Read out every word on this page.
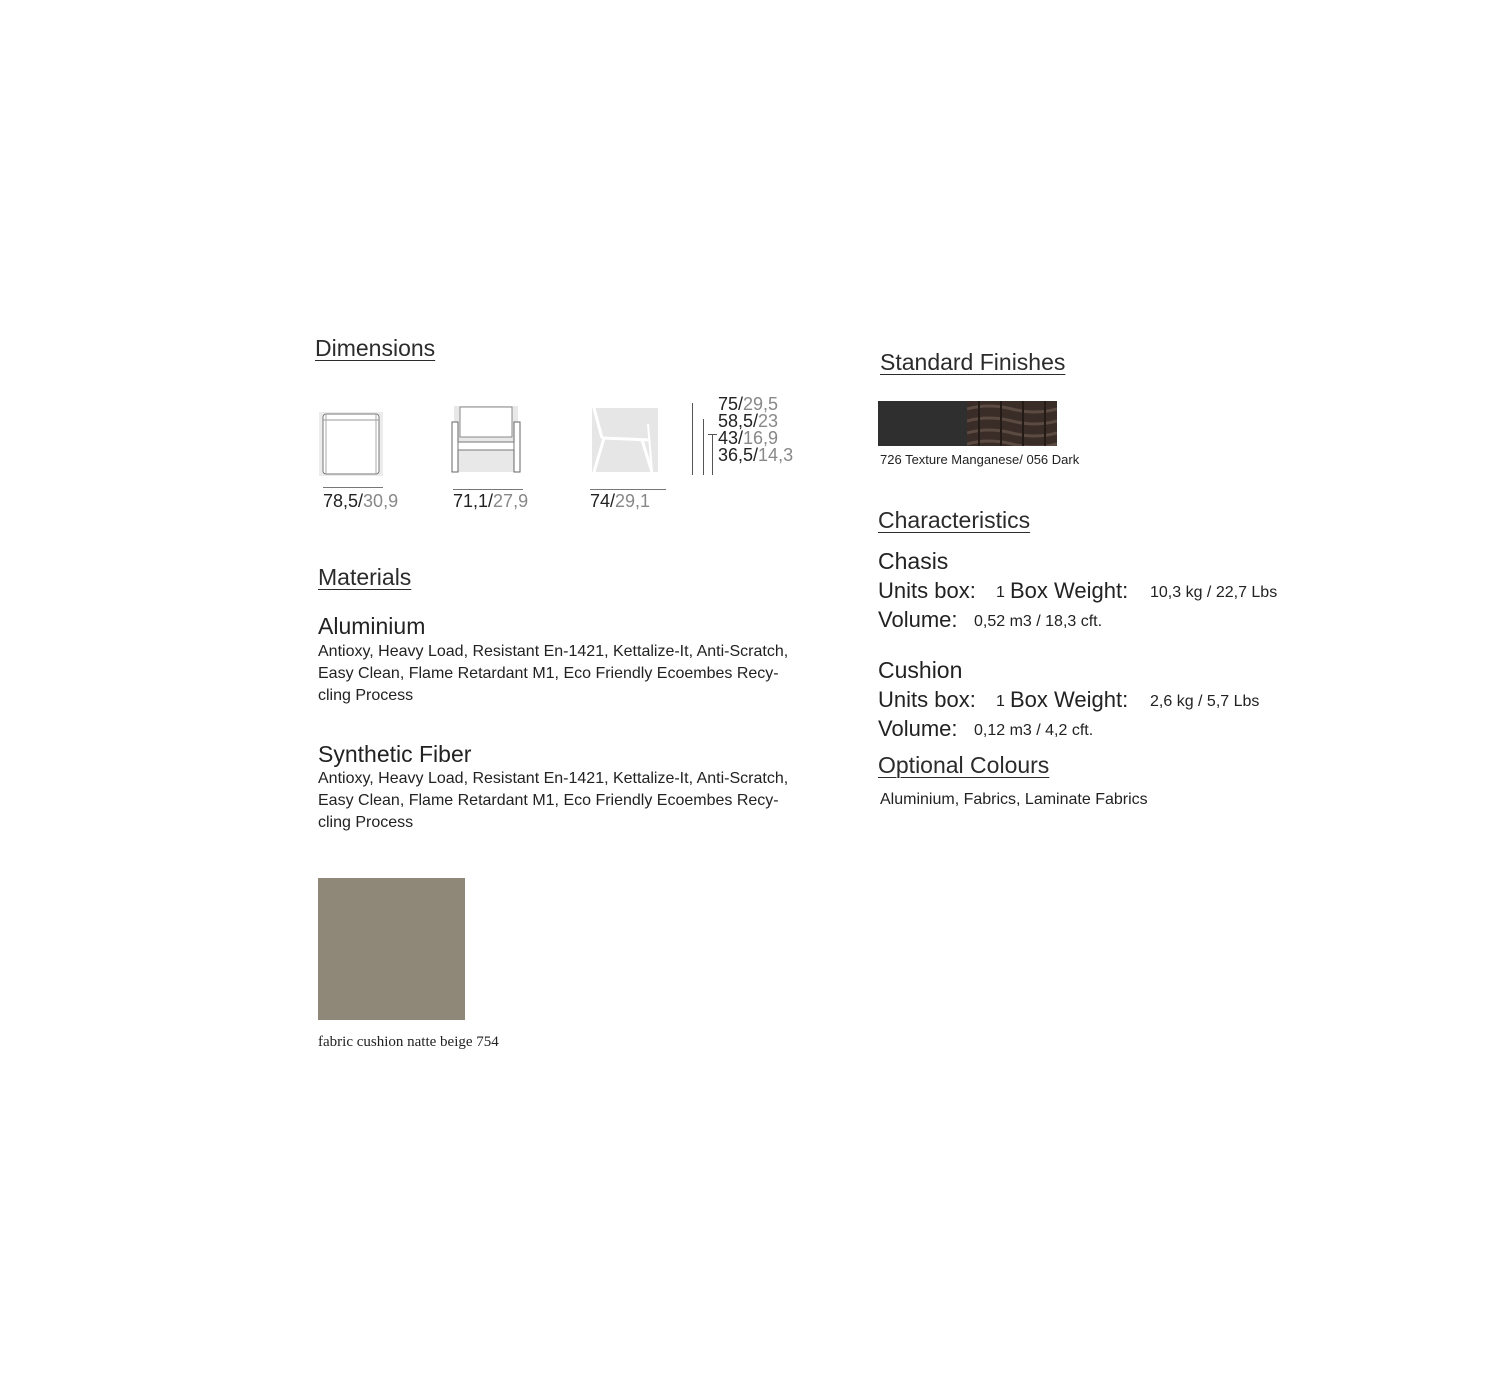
Dimensions
78,5/30,9	71,1/27,9	74/29,1
75/29,5
58,5/23
43/16,9
36,5/14,3
Materials
Aluminium
Antioxy, Heavy Load, Resistant En-1421, Kettalize-It, Anti-Scratch, Easy Clean, Flame Retardant M1, Eco Friendly Ecoembes Recy-cling Process
Synthetic Fiber
Antioxy, Heavy Load, Resistant En-1421, Kettalize-It, Anti-Scratch, Easy Clean, Flame Retardant M1, Eco Friendly Ecoembes Recy-cling Process
fabric cushion natte beige 754
Standard Finishes
726 Texture Manganese/ 056 Dark
Characteristics
Chasis
Units box: 1 Box Weight: 10,3 kg / 22,7 Lbs
Volume: 0,52 m3 / 18,3 cft.
Cushion
Units box: 1 Box Weight: 2,6 kg / 5,7 Lbs
Volume: 0,12 m3 / 4,2 cft.
Optional Colours
Aluminium, Fabrics, Laminate Fabrics
